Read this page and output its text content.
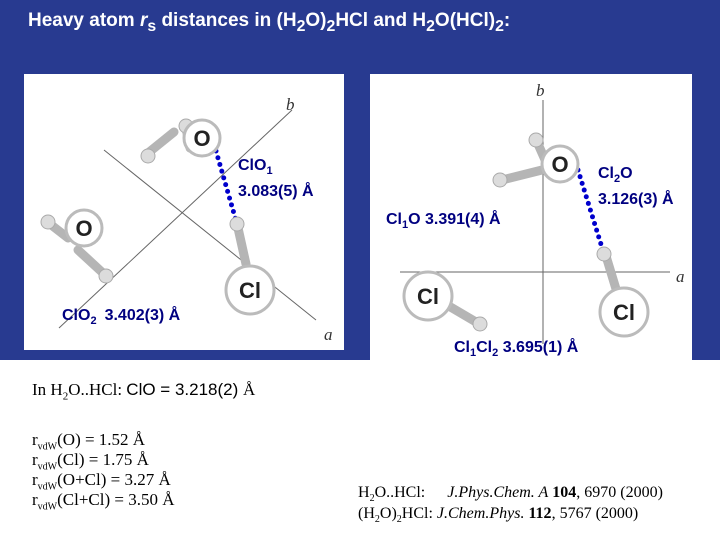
Heavy atom $r_s$ distances in $(H_2O)_2HCl$ and $H_2O(HCl)_2$:
b
a
O
O
Cl
ClO$_1$
3.083(5) Å
ClO$_2$ 3.402(3) Å
b
a
O
Cl
Cl
$Cl_1O$ 3.391(4) Å
$Cl_2O$
3.126(3) Å
$Cl_1Cl_2$ 3.695(1) Å
In $H_2O..HCl$: ClO = 3.218(2) Å
$r_{vdW}(O) = 1.52$ Å
$r_{vdW}(Cl) = 1.75$ Å
$r_{vdW}(O+Cl) = 3.27$ Å
$r_{vdW}(Cl+Cl) = 3.50$ Å	$H_2O..HCl$: J.Phys.Chem. A 104, 6970 (2000)
$(H_2O)_2HCl$: J.Chem.Phys. 112, 5767 (2000)
